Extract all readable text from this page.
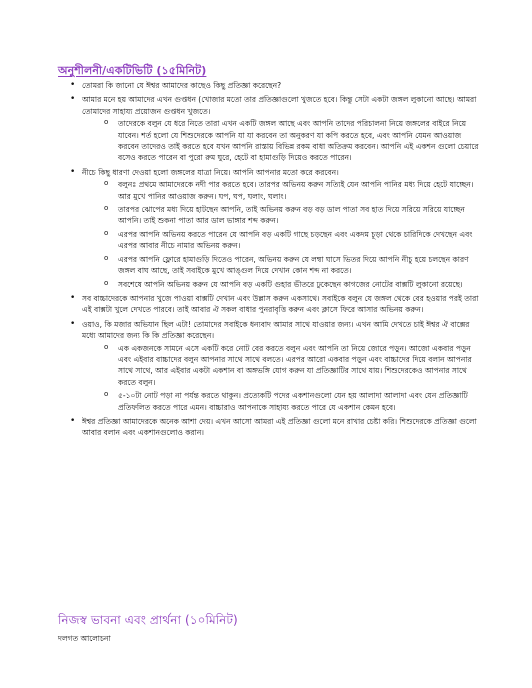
অনুশীলনী/একটিভিটি (১৫মিনিট)
• তোমরা কি জানো যে ঈশ্বর আমাদের কাছেও কিছু প্রতিজ্ঞা করেছেন?
• আমার মনে হয় আমাদের এখন গুপ্তধন (খোজার মতো তার প্রতিজ্ঞাগুলো খুজতে হবে। কিন্তু সেটা একটা জঙ্গল লুকানো আছে। আমরা তোমাদের সাহায্য প্রয়োজন গুপ্তধন খুজতে।
o তাদেরকে বলুন যে ধরে নিতে তারা এখন একটি জঙ্গল আছে এবং আপনি তাদের পরিচালনা নিয়ে জঙ্গলের বাইরে নিয়ে যাবেন। শর্ত হলো যে শিশুদেরকে আপনি যা যা করবেন তা অনুকরণ যা কপি করতে হবে, এবং আপনি যেমন আওয়াজ করবেন তাদেরও তাই করতে হবে যখন আপনি রাস্তায় বিভিন্ন রকম বাধা অতিক্রম করবেন। আপনি এই একশন গুলো চেয়ারে বসেও করতে পারেন বা পুরো রুম ঘুরে, হেটে বা হামাগুড়ি দিয়েও করতে পারেন।
• নীচে কিছু ধারণা দেওয়া হলো জঙ্গলের যাত্রা নিয়ে। আপনি আপনার মতো করে করবেন।
o বলুনঃ প্রথমে আমাদেরকে নদী পার করতে হবে। তারপর অভিনয় করুন সত্যিই যেন আপনি পানির মধ্য দিয়ে হেটে যাচ্ছেন। আর মুখে পানির আওয়াজ করুন। ঘপ, ঘপ, ঘলাং, ঘলাং।
o তারপর ঝোপের মধ্য দিয়ে হাটছেন আপনি, তাই অভিনয় করুন বড় বড় ডাল পাতা সব হাত দিয়ে সরিয়ে সরিয়ে যাচ্ছেন আপনি। তাই শুকনা পাতা আর ডাল ভাঙ্গার শব্দ করুন।
o এরপর আপনি অভিনয় করতে পারেন যে আপনি বড় একটি গাছে চড়ছেন এবং একদম চূড়া থেকে চারিদিকে দেখছেন এবং এরপর আবার নীচে নামার অভিনয় করুন।
o এরপর আপনি ফ্লোরে হামাগুড়ি দিতেও পারেন, অভিনয় করুন যে লম্বা ঘাসে ভিতর দিয়ে আপনি নীচু হয়ে চলছেন কারণ জঙ্গল বাঘ আছে, তাই সবাইকে মুখে আঙ্গুল দিয়ে দেখান কোন শব্দ না করতে।
o সবশেষে আপনি অভিনয় করুন যে আপনি বড় একটি গুহার ভীতরে ঢুকেছেন কাগজের নোটের বাক্সটি লুকানো রয়েছে।
• সব বাচ্চাদেরকে আপনার খুজে পাওয়া বাক্সটি দেখান এবং উল্লাস করুন একসাথে। সবাইকে বলুন যে জঙ্গল থেকে বের হওয়ার পরই তারা এই বাক্সটা খুলে দেখতে পারবে। তাই আবার ঐ সকল বাধার পুনরাবৃত্তি করুন এবং ক্লাসে ফিরে আসার অভিনয় করুন।
• ওয়াও, কি মজার অভিযান ছিল এটা! তোমাদের সবাইকে ধন্যবাদ আমার সাথে যাওয়ার জন্য। এখন আমি দেখতে চাই ঈশ্বর ঐ বাক্সের মধ্যে আমাদের জন্য কি কি প্রতিজ্ঞা করেছেন।
o এক একজনকে সামনে এসে একটি করে নোট বের করতে বলুন এবং আপনি তা নিয়ে জোরে পড়ুন। আজো একবার পড়ুন এবং এইবার বাচ্চাদের বলুন আপনার সাথে সাথে বলতে। এরপর আরো একবার পড়ুন এবং বাচ্চাদের দিয়ে বলান আপনার সাথে সাথে, আর এইবার একটা একশান বা অঙ্গভঙ্গি যোগ করুন যা প্রতিজ্ঞাটির সাথে যায়। শিশুদেরকেও আপনার সাথে করতে বলুন।
o ৫-১০টা নোট পড়া না পর্যন্ত করতে থাকুন। প্রত্যেকটি পদের একশানগুলো যেন হয় আলাদা আলাদা এবং যেন প্রতিজ্ঞাটি প্রতিফলিত করতে পারে এমন। বাচ্চারাও আপনাকে সাহায্য করতে পারে যে একশান কেমন হবে।
• ঈশ্বর প্রতিজ্ঞা আমাদেরকে অনেক আশা দেয়। এখন আসো আমরা এই প্রতিজ্ঞা গুলো মনে রাখার চেষ্টা করি। শিশুদেরকে প্রতিজ্ঞা গুলো আবার বলান এবং একশানগুলোও করান।
নিজস্ব ভাবনা এবং প্রার্থনা (১০মিনিট)
দলগত আলোচনা
